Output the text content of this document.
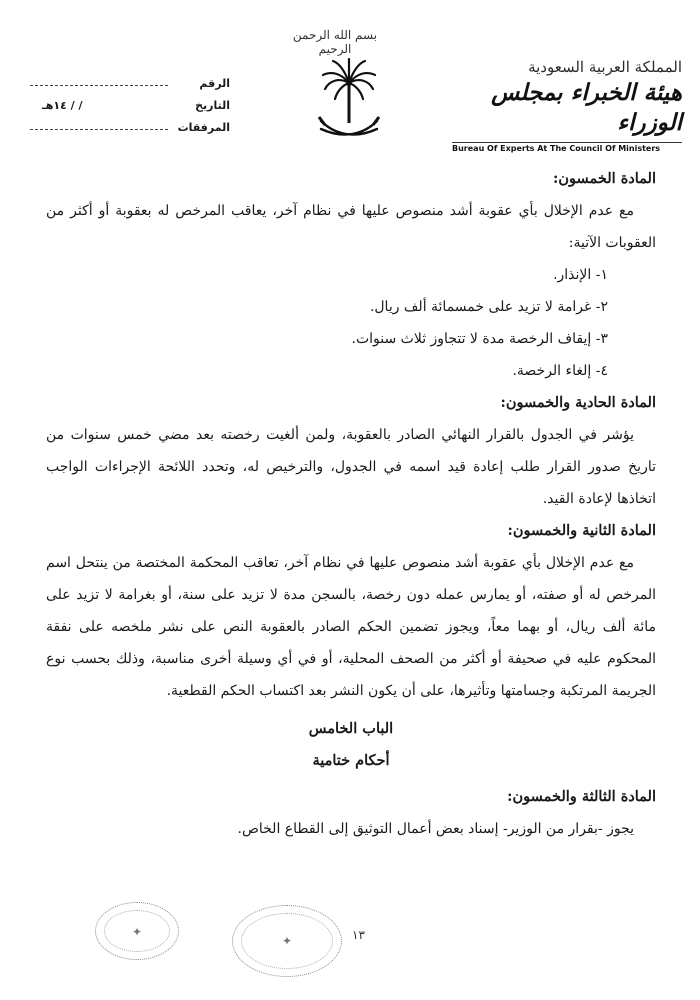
بسم الله الرحمن الرحيم
المملكة العربية السعودية
هيئة الخبراء بمجلس الوزراء
Bureau Of Experts At The Council Of Ministers
الرقم
التاريخ
/ / ١٤هـ
المرفقات
المادة الخمسون:
مع عدم الإخلال بأي عقوبة أشد منصوص عليها في نظام آخر، يعاقب المرخص له بعقوبة أو أكثر من العقوبات الآتية:
١- الإنذار.
٢- غرامة لا تزيد على خمسمائة ألف ريال.
٣- إيقاف الرخصة مدة لا تتجاوز ثلاث سنوات.
٤- إلغاء الرخصة.
المادة الحادية والخمسون:
يؤشر في الجدول بالقرار النهائي الصادر بالعقوبة، ولمن ألغيت رخصته بعد مضي خمس سنوات من تاريخ صدور القرار طلب إعادة قيد اسمه في الجدول، والترخيص له، وتحدد اللائحة الإجراءات الواجب اتخاذها لإعادة القيد.
المادة الثانية والخمسون:
مع عدم الإخلال بأي عقوبة أشد منصوص عليها في نظام آخر، تعاقب المحكمة المختصة من ينتحل اسم المرخص له أو صفته، أو يمارس عمله دون رخصة، بالسجن مدة لا تزيد على سنة، أو بغرامة لا تزيد على مائة ألف ريال، أو بهما معاً، ويجوز تضمين الحكم الصادر بالعقوبة النص على نشر ملخصه على نفقة المحكوم عليه في صحيفة أو أكثر من الصحف المحلية، أو في أي وسيلة أخرى مناسبة، وذلك بحسب نوع الجريمة المرتكبة وجسامتها وتأثيرها، على أن يكون النشر بعد اكتساب الحكم القطعية.
الباب الخامس
أحكام ختامية
المادة الثالثة والخمسون:
يجوز -بقرار من الوزير- إسناد بعض أعمال التوثيق إلى القطاع الخاص.
✦
✦	١٣
